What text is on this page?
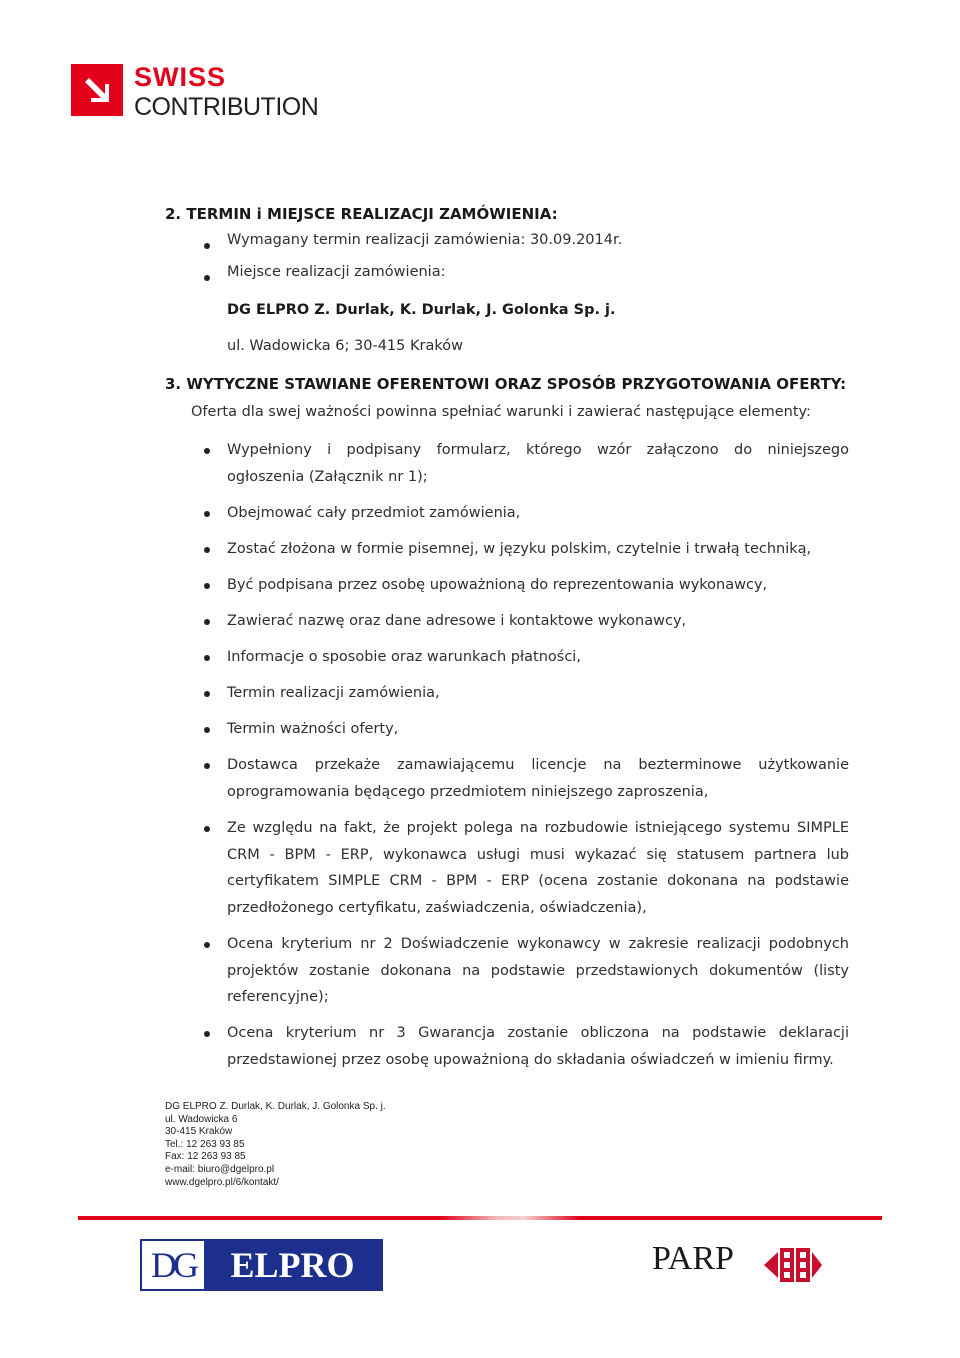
SWISS
CONTRIBUTION
2. TERMIN i MIEJSCE REALIZACJI ZAMÓWIENIA:
Wymagany termin realizacji zamówienia: 30.09.2014r.
Miejsce realizacji zamówienia:
DG ELPRO Z. Durlak, K. Durlak, J. Golonka Sp. j.
ul. Wadowicka 6; 30-415 Kraków
3. WYTYCZNE STAWIANE OFERENTOWI ORAZ SPOSÓB PRZYGOTOWANIA OFERTY:
Oferta dla swej ważności powinna spełniać warunki i zawierać następujące elementy:
Wypełniony i podpisany formularz, którego wzór załączono do niniejszego
ogłoszenia (Załącznik nr 1);
Obejmować cały przedmiot zamówienia,
Zostać złożona w formie pisemnej, w języku polskim, czytelnie i trwałą techniką,
Być podpisana przez osobę upoważnioną do reprezentowania wykonawcy,
Zawierać nazwę oraz dane adresowe i kontaktowe wykonawcy,
Informacje o sposobie oraz warunkach płatności,
Termin realizacji zamówienia,
Termin ważności oferty,
Dostawca przekaże zamawiającemu licencje na bezterminowe użytkowanie
oprogramowania będącego przedmiotem niniejszego zaproszenia,
Ze względu na fakt, że projekt polega na rozbudowie istniejącego systemu SIMPLE
CRM - BPM - ERP, wykonawca usługi musi wykazać się statusem partnera lub
certyfikatem SIMPLE CRM - BPM - ERP (ocena zostanie dokonana na podstawie
przedłożonego certyfikatu, zaświadczenia, oświadczenia),
Ocena kryterium nr 2 Doświadczenie wykonawcy w zakresie realizacji podobnych
projektów zostanie dokonana na podstawie przedstawionych dokumentów (listy
referencyjne);
Ocena kryterium nr 3 Gwarancja zostanie obliczona na podstawie deklaracji
przedstawionej przez osobę upoważnioną do składania oświadczeń w imieniu firmy.
DG ELPRO Z. Durlak, K. Durlak, J. Golonka Sp. j.
ul. Wadowicka 6
30-415 Kraków
Tel.: 12 263 93 85
Fax: 12 263 93 85
e-mail: biuro@dgelpro.pl
www.dgelpro.pl/6/kontakt/
DG ELPRO	PARP
